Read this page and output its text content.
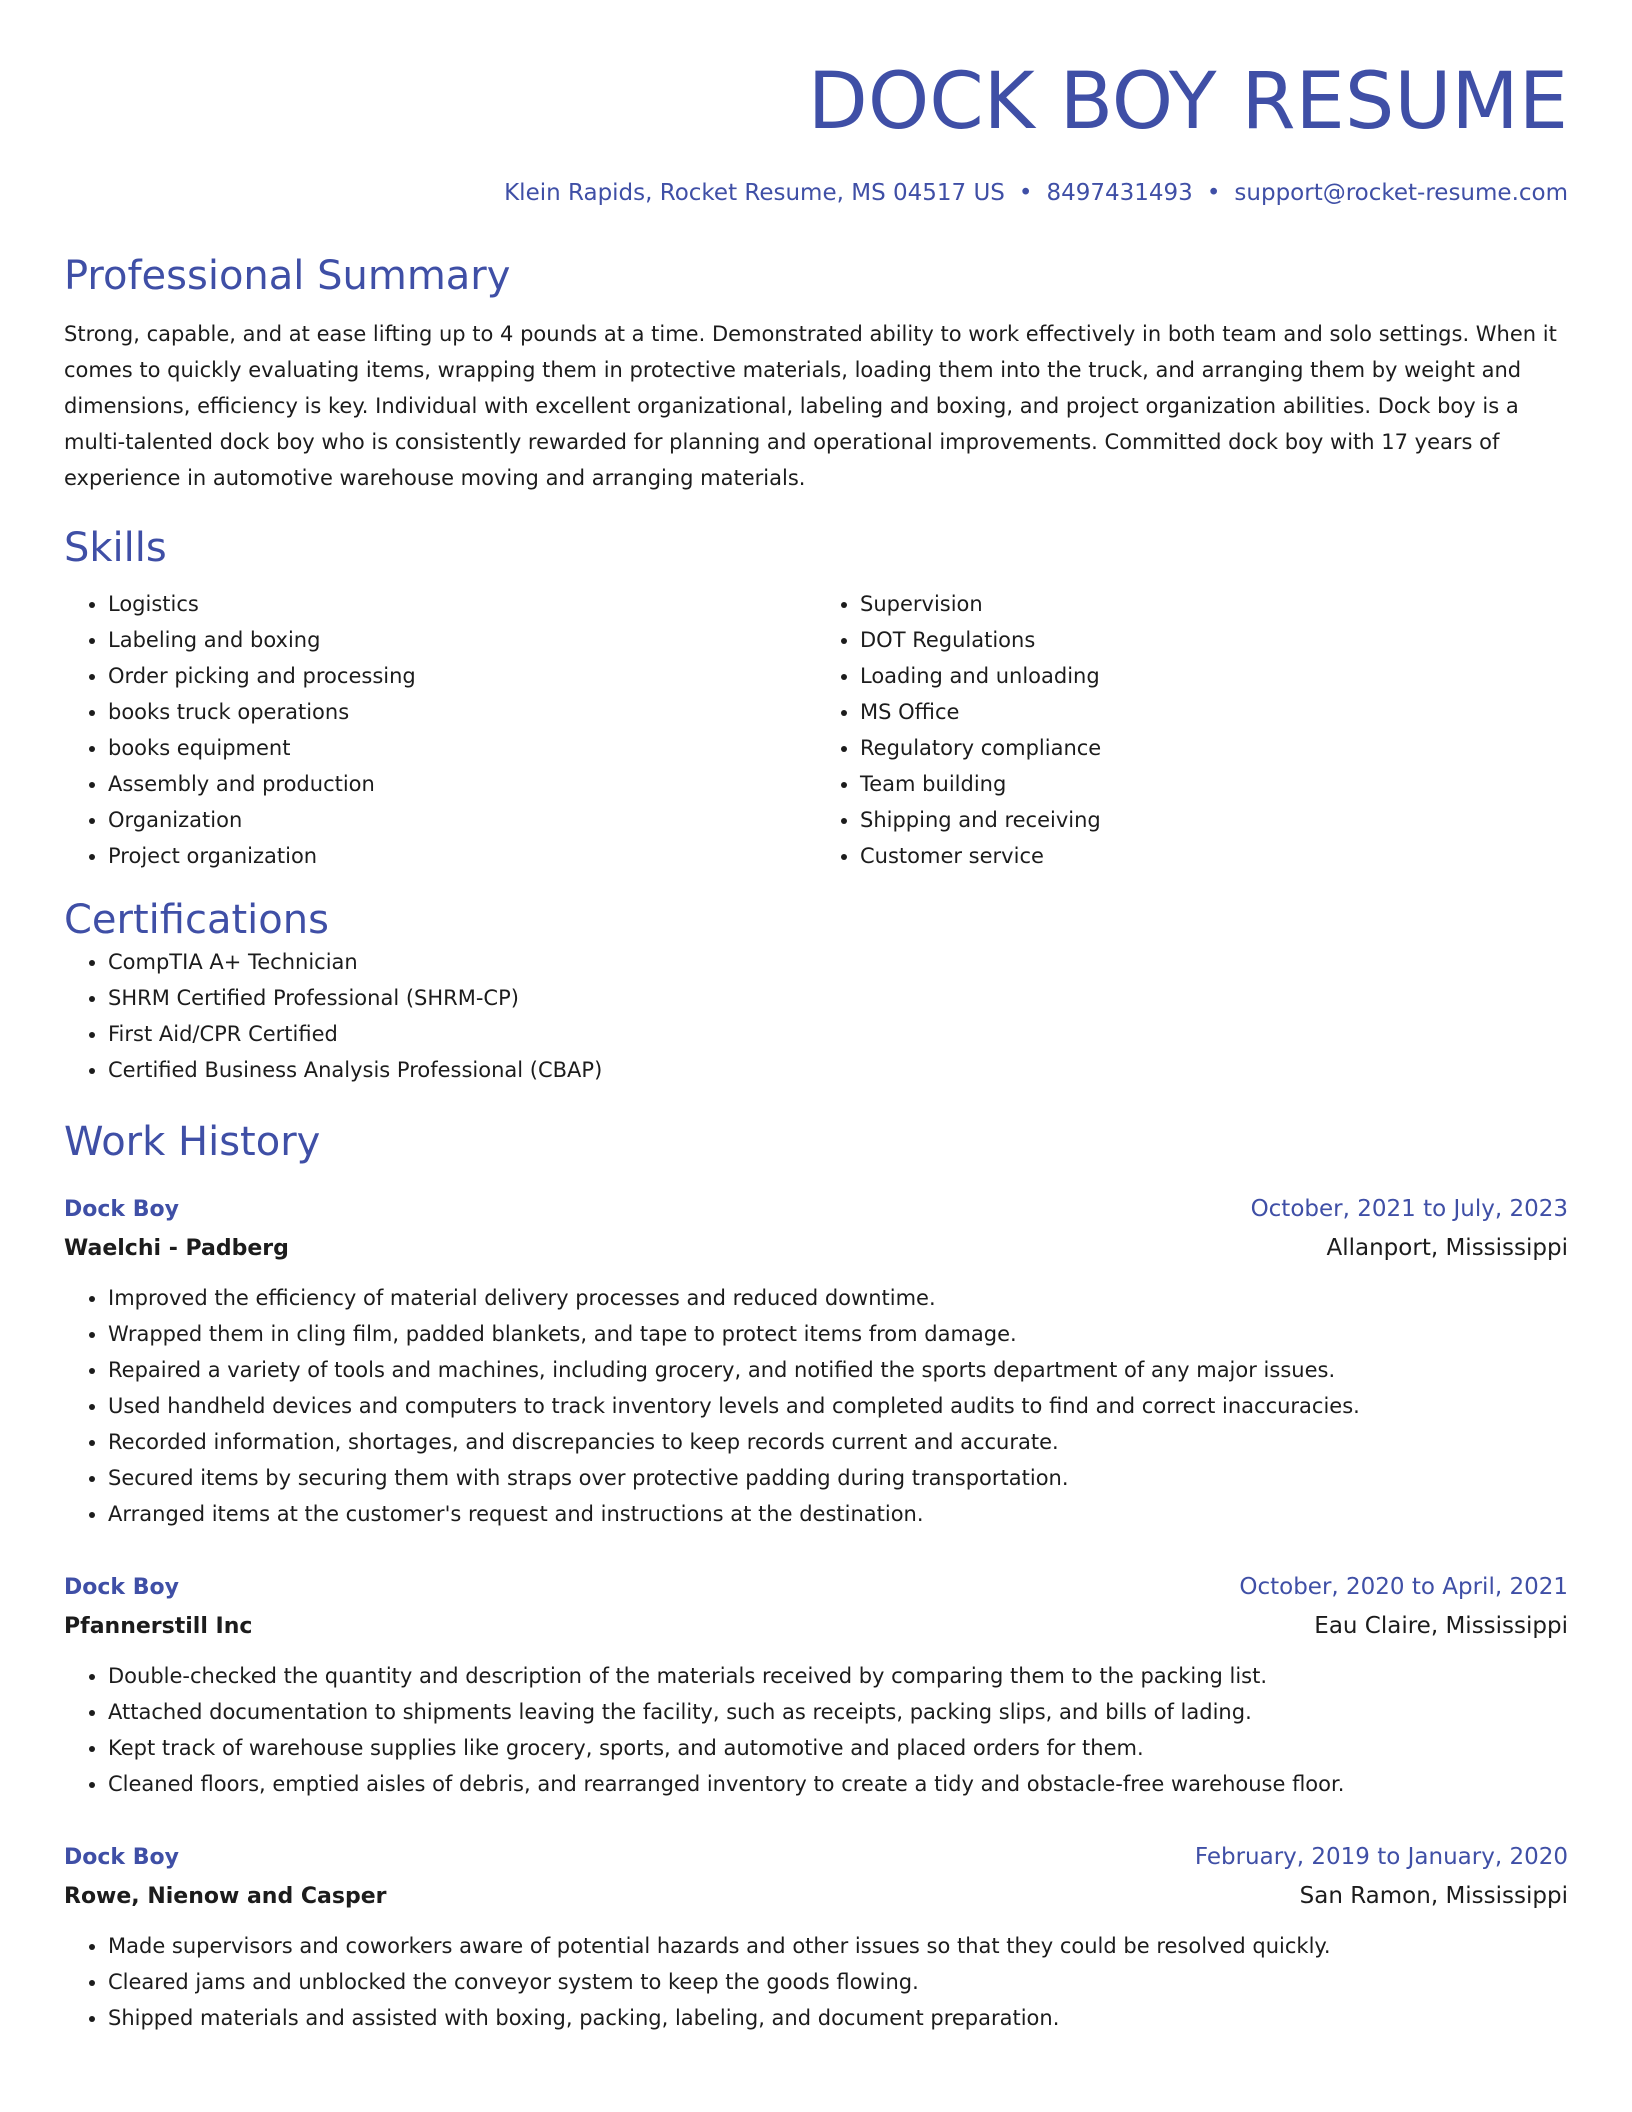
DOCK BOY RESUME
Klein Rapids, Rocket Resume, MS 04517 US • 8497431493 • support@rocket-resume.com
Professional Summary
Strong, capable, and at ease lifting up to 4 pounds at a time. Demonstrated ability to work effectively in both team and solo settings. When it comes to quickly evaluating items, wrapping them in protective materials, loading them into the truck, and arranging them by weight and dimensions, efficiency is key. Individual with excellent organizational, labeling and boxing, and project organization abilities. Dock boy is a multi-talented dock boy who is consistently rewarded for planning and operational improvements. Committed dock boy with 17 years of experience in automotive warehouse moving and arranging materials.
Skills
• Logistics
• Labeling and boxing
• Order picking and processing
• books truck operations
• books equipment
• Assembly and production
• Organization
• Project organization
• Supervision
• DOT Regulations
• Loading and unloading
• MS Office
• Regulatory compliance
• Team building
• Shipping and receiving
• Customer service
Certifications
• CompTIA A+ Technician
• SHRM Certified Professional (SHRM-CP)
• First Aid/CPR Certified
• Certified Business Analysis Professional (CBAP)
Work History
Dock Boy	October, 2021 to July, 2023
Waelchi - Padberg	Allanport, Mississippi
• Improved the efficiency of material delivery processes and reduced downtime.
• Wrapped them in cling film, padded blankets, and tape to protect items from damage.
• Repaired a variety of tools and machines, including grocery, and notified the sports department of any major issues.
• Used handheld devices and computers to track inventory levels and completed audits to find and correct inaccuracies.
• Recorded information, shortages, and discrepancies to keep records current and accurate.
• Secured items by securing them with straps over protective padding during transportation.
• Arranged items at the customer's request and instructions at the destination.
Dock Boy	October, 2020 to April, 2021
Pfannerstill Inc	Eau Claire, Mississippi
• Double-checked the quantity and description of the materials received by comparing them to the packing list.
• Attached documentation to shipments leaving the facility, such as receipts, packing slips, and bills of lading.
• Kept track of warehouse supplies like grocery, sports, and automotive and placed orders for them.
• Cleaned floors, emptied aisles of debris, and rearranged inventory to create a tidy and obstacle-free warehouse floor.
Dock Boy	February, 2019 to January, 2020
Rowe, Nienow and Casper	San Ramon, Mississippi
• Made supervisors and coworkers aware of potential hazards and other issues so that they could be resolved quickly.
• Cleared jams and unblocked the conveyor system to keep the goods flowing.
• Shipped materials and assisted with boxing, packing, labeling, and document preparation.
